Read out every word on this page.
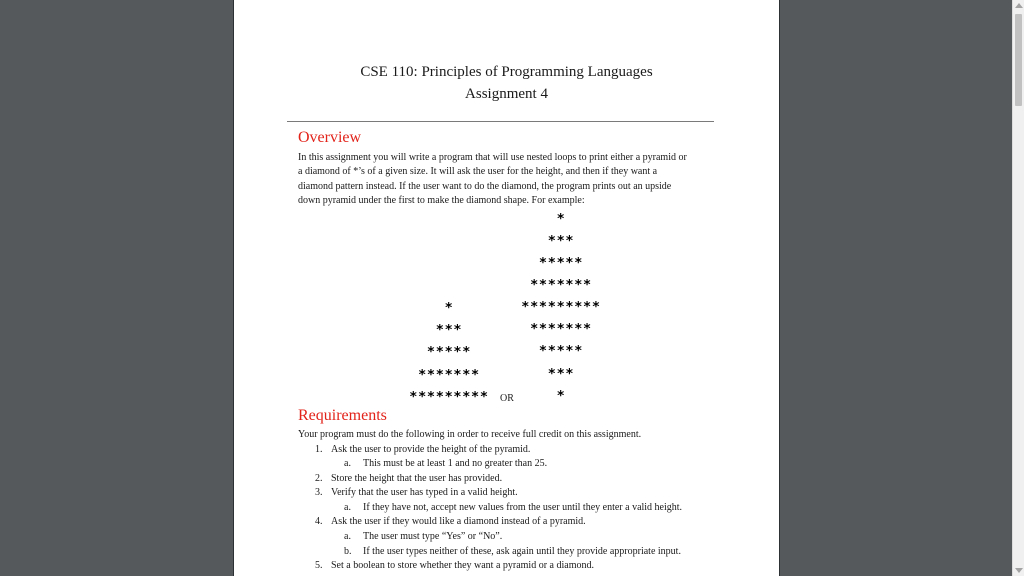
CSE 110: Principles of Programming Languages
Assignment 4
Overview
In this assignment you will write a program that will use nested loops to print either a pyramid or
a diamond of *’s of a given size. It will ask the user for the height, and then if they want a
diamond pattern instead. If the user want to do the diamond, the program prints out an upside
down pyramid under the first to make the diamond shape. For example:
*
***
*****
*******
*********	OR
*
***
*****
*******
*********
*******
*****
***
*
Requirements
Your program must do the following in order to receive full credit on this assignment.
1. Ask the user to provide the height of the pyramid.
a. This must be at least 1 and no greater than 25.
2. Store the height that the user has provided.
3. Verify that the user has typed in a valid height.
a. If they have not, accept new values from the user until they enter a valid height.
4. Ask the user if they would like a diamond instead of a pyramid.
a. The user must type “Yes” or “No”.
b. If the user types neither of these, ask again until they provide appropriate input.
5. Set a boolean to store whether they want a pyramid or a diamond.
